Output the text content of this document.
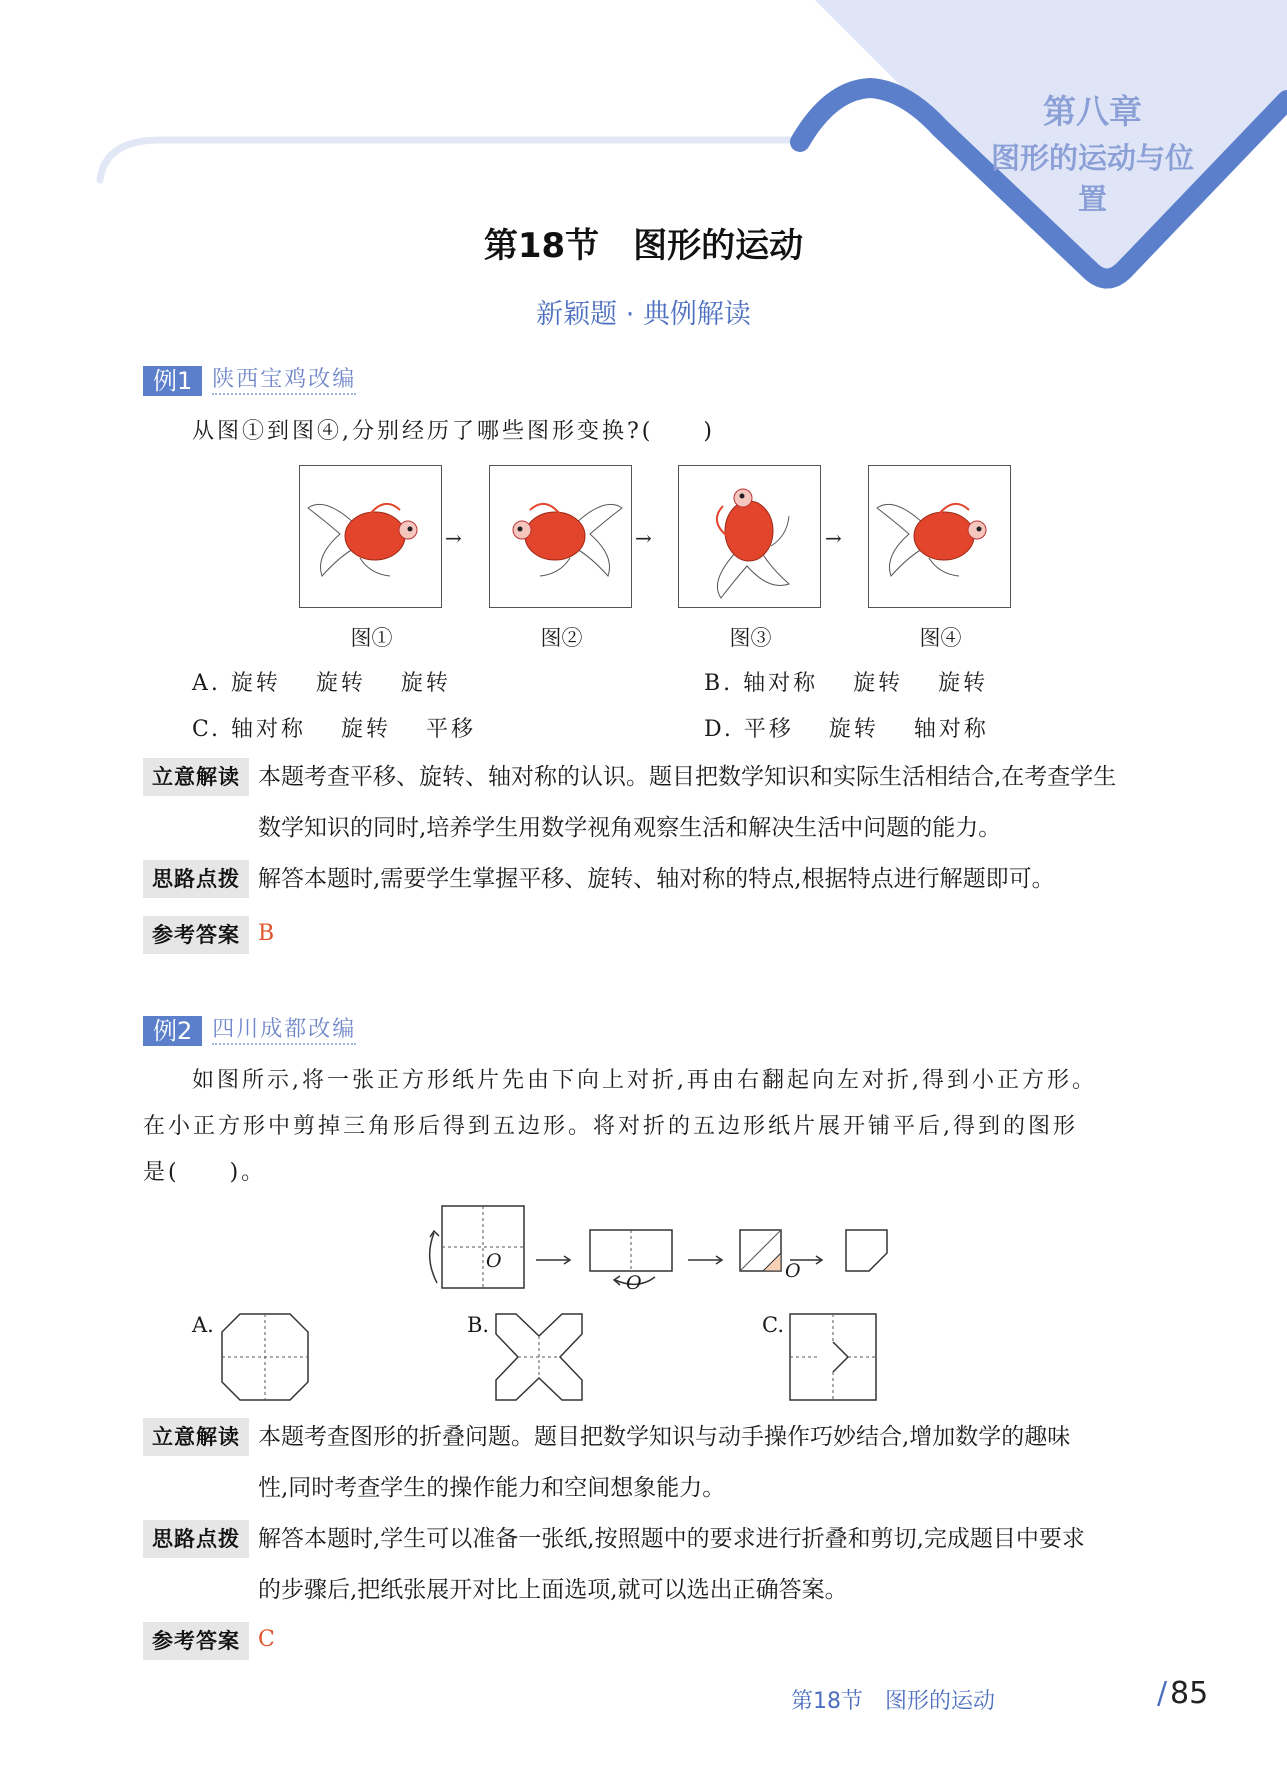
第八章
图形的运动与位置
第18节　图形的运动
新颖题 · 典例解读
例1 陕西宝鸡改编
从图①到图④,分别经历了哪些图形变换?(　　)
→	→	→
图①	图②	图③	图④
A. 旋转　 旋转　 旋转	B. 轴对称　 旋转　 旋转
C. 轴对称　 旋转　 平移	D. 平移　 旋转　 轴对称
立意解读 本题考查平移、旋转、轴对称的认识。题目把数学知识和实际生活相结合,在考查学生
数学知识的同时,培养学生用数学视角观察生活和解决生活中问题的能力。
思路点拨 解答本题时,需要学生掌握平移、旋转、轴对称的特点,根据特点进行解题即可。
参考答案 B
例2 四川成都改编
如图所示,将一张正方形纸片先由下向上对折,再由右翻起向左对折,得到小正方形。
在小正方形中剪掉三角形后得到五边形。将对折的五边形纸片展开铺平后,得到的图形
是(　　)。
O
O
O
A.	B.	C.
立意解读 本题考查图形的折叠问题。题目把数学知识与动手操作巧妙结合,增加数学的趣味
性,同时考查学生的操作能力和空间想象能力。
思路点拨 解答本题时,学生可以准备一张纸,按照题中的要求进行折叠和剪切,完成题目中要求
的步骤后,把纸张展开对比上面选项,就可以选出正确答案。
参考答案 C
第18节　图形的运动	/ 85
